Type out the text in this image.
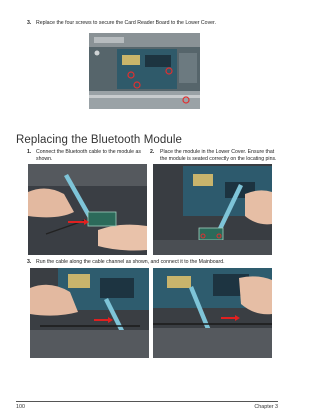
3. Replace the four screws to secure the Card Reader Board to the Lower Cover.
Replacing the Bluetooth Module
1. Connect the Bluetooth cable to the module as shown.
2. Place the module in the Lower Cover. Ensure that the module is seated correctly on the locating pins.
3. Run the cable along the cable channel as shown, and connect it to the Mainboard.
100	Chapter 3
